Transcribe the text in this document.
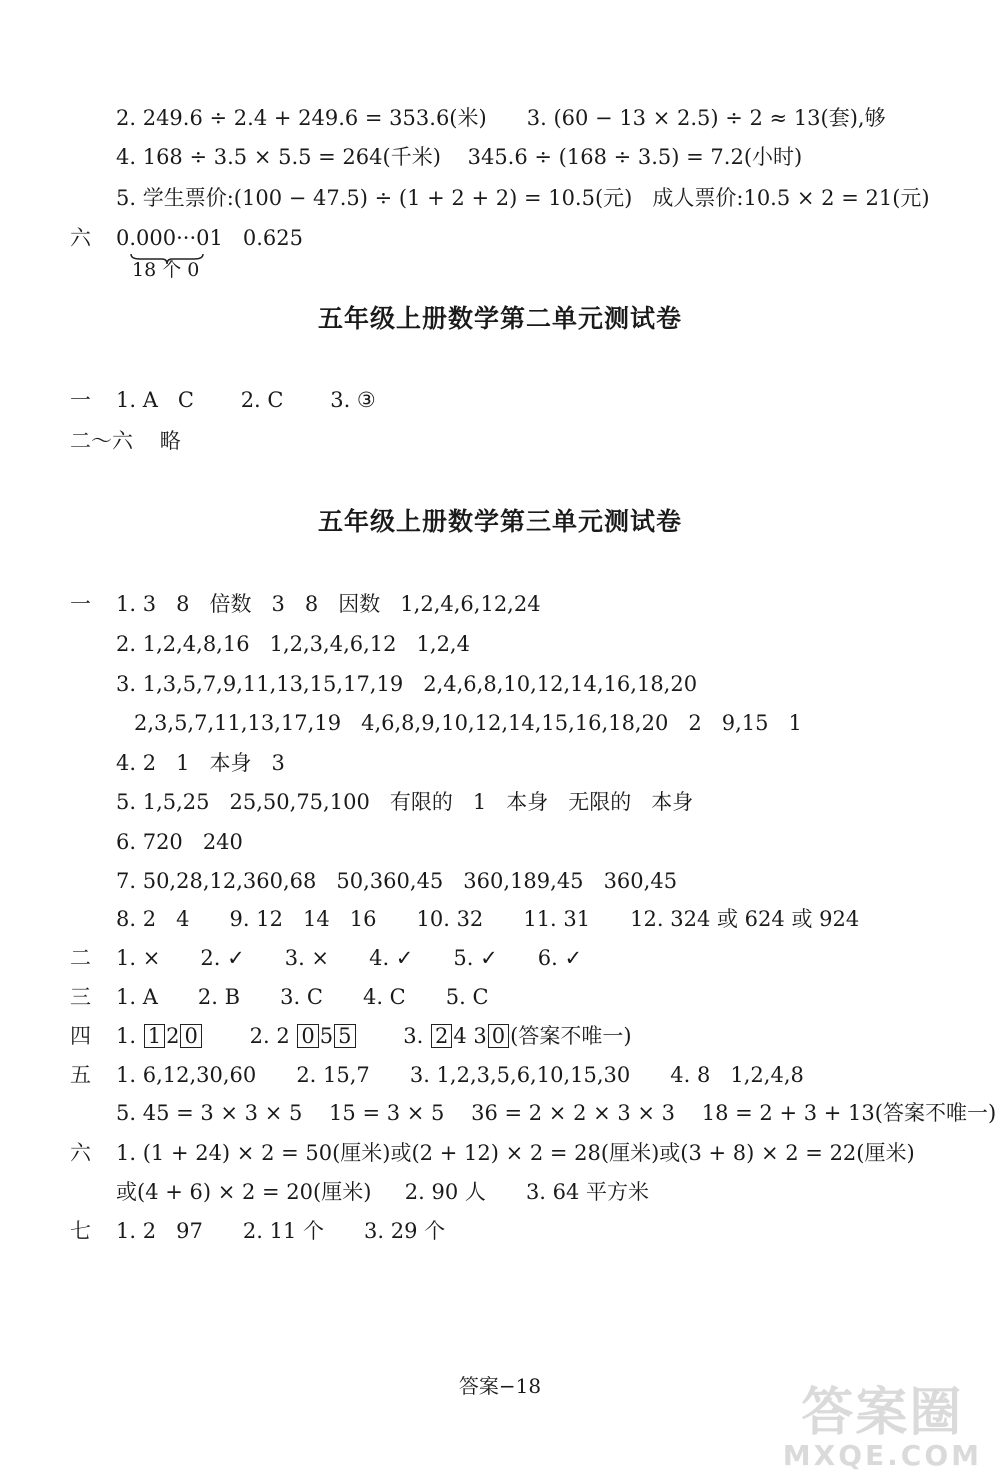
2. 249.6 ÷ 2.4 + 249.6 = 353.6(米)      3. (60 − 13 × 2.5) ÷ 2 ≈ 13(套),够
4. 168 ÷ 3.5 × 5.5 = 264(千米)    345.6 ÷ (168 ÷ 3.5) = 7.2(小时)
5. 学生票价:(100 − 47.5) ÷ (1 + 2 + 2) = 10.5(元)   成人票价:10.5 × 2 = 21(元)
六 0.000···01   0.625
18 个 0
五年级上册数学第二单元测试卷
一 1. A   C       2. C       3. ③
二～六    略
五年级上册数学第三单元测试卷
一 1. 3   8   倍数   3   8   因数   1,2,4,6,12,24
2. 1,2,4,8,16   1,2,3,4,6,12   1,2,4
3. 1,3,5,7,9,11,13,15,17,19   2,4,6,8,10,12,14,16,18,20
2,3,5,7,11,13,17,19   4,6,8,9,10,12,14,15,16,18,20   2   9,15   1
4. 2   1   本身   3
5. 1,5,25   25,50,75,100   有限的   1   本身   无限的   本身
6. 720   240
7. 50,28,12,360,68   50,360,45   360,189,45   360,45
8. 2   4      9. 12   14   16      10. 32      11. 31      12. 324 或 624 或 924
二 1. ×      2. ✓      3. ×      4. ✓      5. ✓      6. ✓
三 1. A      2. B      3. C      4. C      5. C
四 1. 1 2 0 2. 2 0 5 5 3. 2 4 3 0 (答案不唯一)
五 1. 6,12,30,60      2. 15,7      3. 1,2,3,5,6,10,15,30      4. 8   1,2,4,8
5. 45 = 3 × 3 × 5    15 = 3 × 5    36 = 2 × 2 × 3 × 3    18 = 2 + 3 + 13(答案不唯一)
六 1. (1 + 24) × 2 = 50(厘米)或(2 + 12) × 2 = 28(厘米)或(3 + 8) × 2 = 22(厘米)
或(4 + 6) × 2 = 20(厘米)     2. 90 人      3. 64 平方米
七 1. 2   97      2. 11 个      3. 29 个
答案−18	答案圈
MXQE.COM
